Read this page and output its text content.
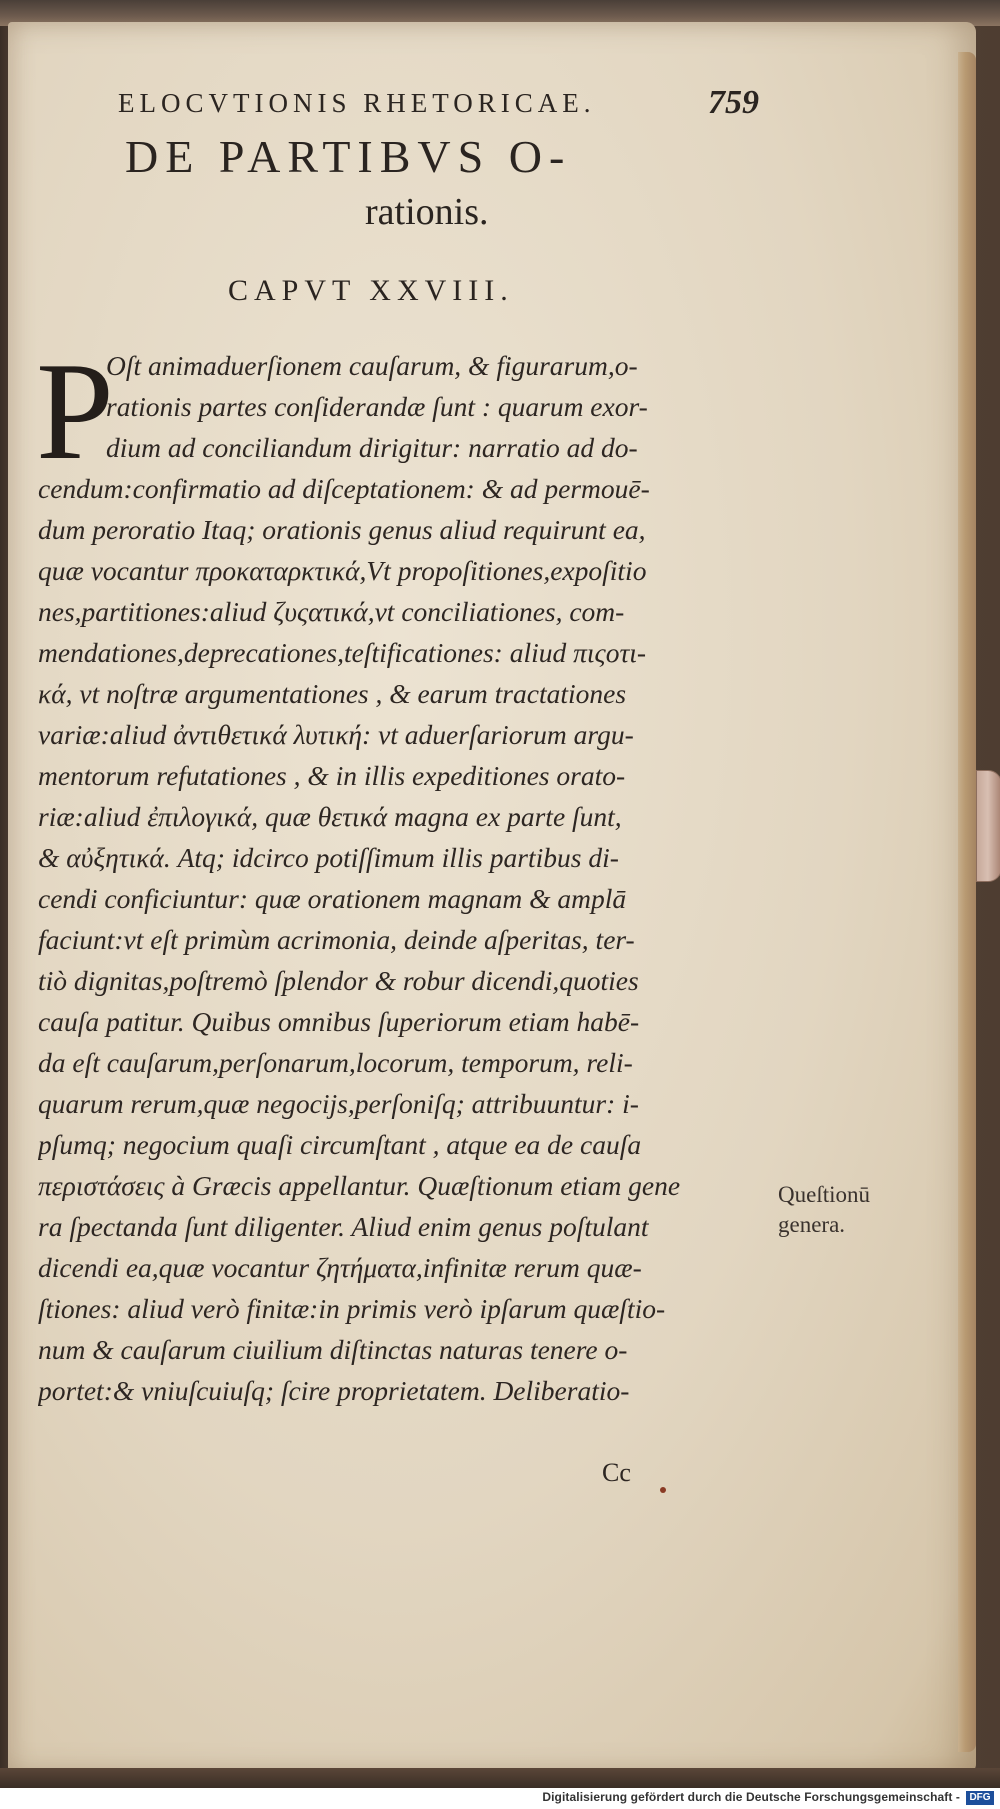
ELOCVTIONIS RHETORICAE.	759
DE PARTIBVS O-
rationis.
CAPVT XXVIII.
P
Oſt animaduerſionem cauſarum, & figurarum,o-
rationis partes conſiderandæ ſunt : quarum exor-
dium ad conciliandum dirigitur: narratio ad do-
cendum:confirmatio ad diſceptationem: & ad permouē-
dum peroratio Itaq; orationis genus aliud requirunt ea,
quæ vocantur προκαταρκτικά,Vt propoſitiones,expoſitio
nes,partitiones:aliud ζυςατικά,vt conciliationes, com-
mendationes,deprecationes,teſtificationes: aliud πιςοτι-
κά, vt noſtræ argumentationes , & earum tractationes
variæ:aliud ἀντιθετικά λυτική: vt aduerſariorum argu-
mentorum refutationes , & in illis expeditiones orato-
riæ:aliud ἐπιλογικά, quæ θετικά magna ex parte ſunt,
& αὐξητικά. Atq; idcirco potiſſimum illis partibus di-
cendi conficiuntur: quæ orationem magnam & amplā
faciunt:vt eſt primùm acrimonia, deinde aſperitas, ter-
tiò dignitas,poſtremò ſplendor & robur dicendi,quoties
cauſa patitur. Quibus omnibus ſuperiorum etiam habē-
da eſt cauſarum,perſonarum,locorum, temporum, reli-
quarum rerum,quæ negocijs,perſoniſq; attribuuntur: i-
pſumq; negocium quaſi circumſtant , atque ea de cauſa
περιστάσεις à Græcis appellantur. Quæſtionum etiam gene
ra ſpectanda ſunt diligenter. Aliud enim genus poſtulant
dicendi ea,quæ vocantur ζητήματα,infinitæ rerum quæ-
ſtiones: aliud verò finitæ:in primis verò ipſarum quæſtio-
num & cauſarum ciuilium diſtinctas naturas tenere o-
portet:& vniuſcuiuſq; ſcire proprietatem. Deliberatio-
Queſtionū
genera.
Cc
Digitalisierung gefördert durch die Deutsche Forschungsgemeinschaft - DFG
